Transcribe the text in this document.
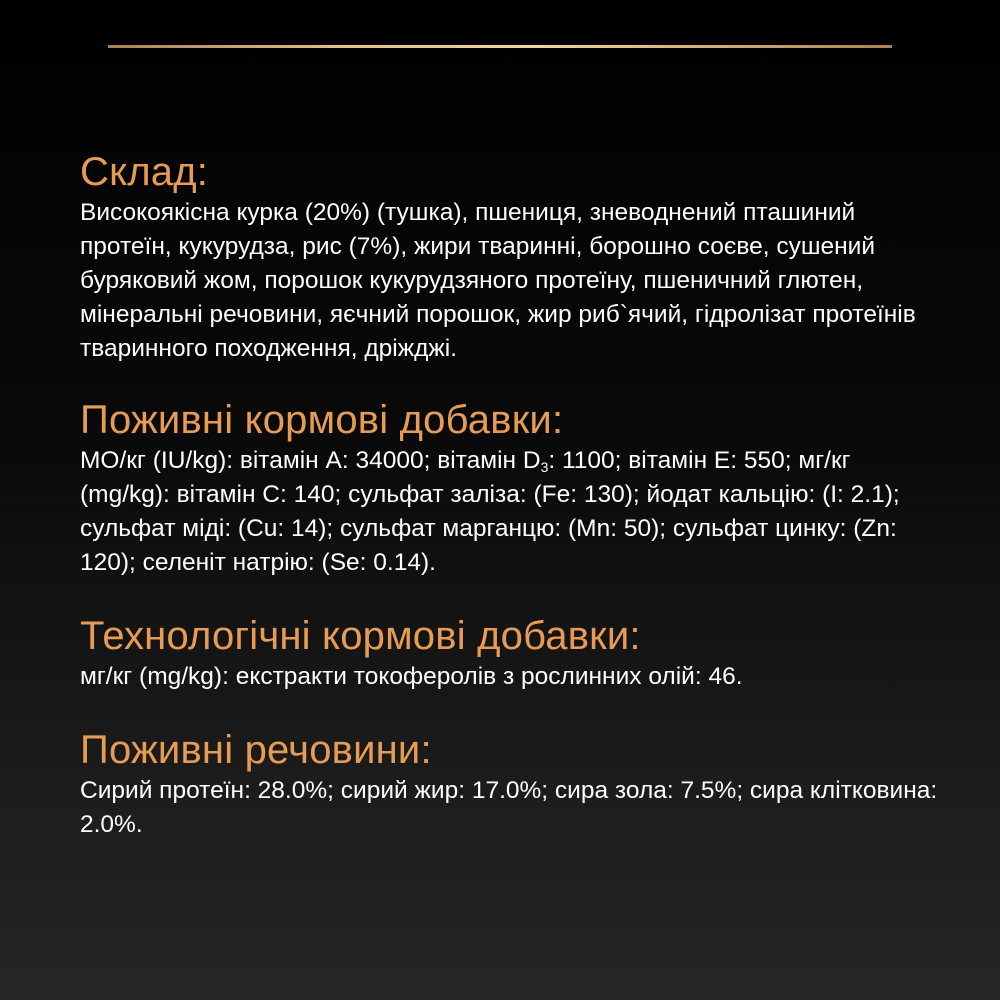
Склад:

Високоякісна курка (20%) (тушка), пшениця, зневоднений пташиний протеїн, кукурудза, рис (7%), жири тваринні, борошно соєве, сушений буряковий жом, порошок кукурудзяного протеїну, пшеничний глютен, мінеральні речовини, яєчний порошок, жир риб`ячий, гідролізат протеїнів тваринного походження, дріжджі.

Поживні кормові добавки:

МО/кг (IU/kg): вітамін А: 34000; вітамін $D_3$: 1100; вітамін Е: 550; мг/кг (mg/kg): вітамін С: 140; сульфат заліза: (Fe: 130); йодат кальцію: (I: 2.1); сульфат міді: (Cu: 14); сульфат марганцю: (Mn: 50); сульфат цинку: (Zn: 120); селеніт натрію: (Se: 0.14).

Технологічні кормові добавки:

мг/кг (mg/kg): екстракти токоферолів з рослинних олій: 46.

Поживні речовини:

Сирий протеїн: 28.0%; сирий жир: 17.0%; сира зола: 7.5%; сира клітковина: 2.0%.
